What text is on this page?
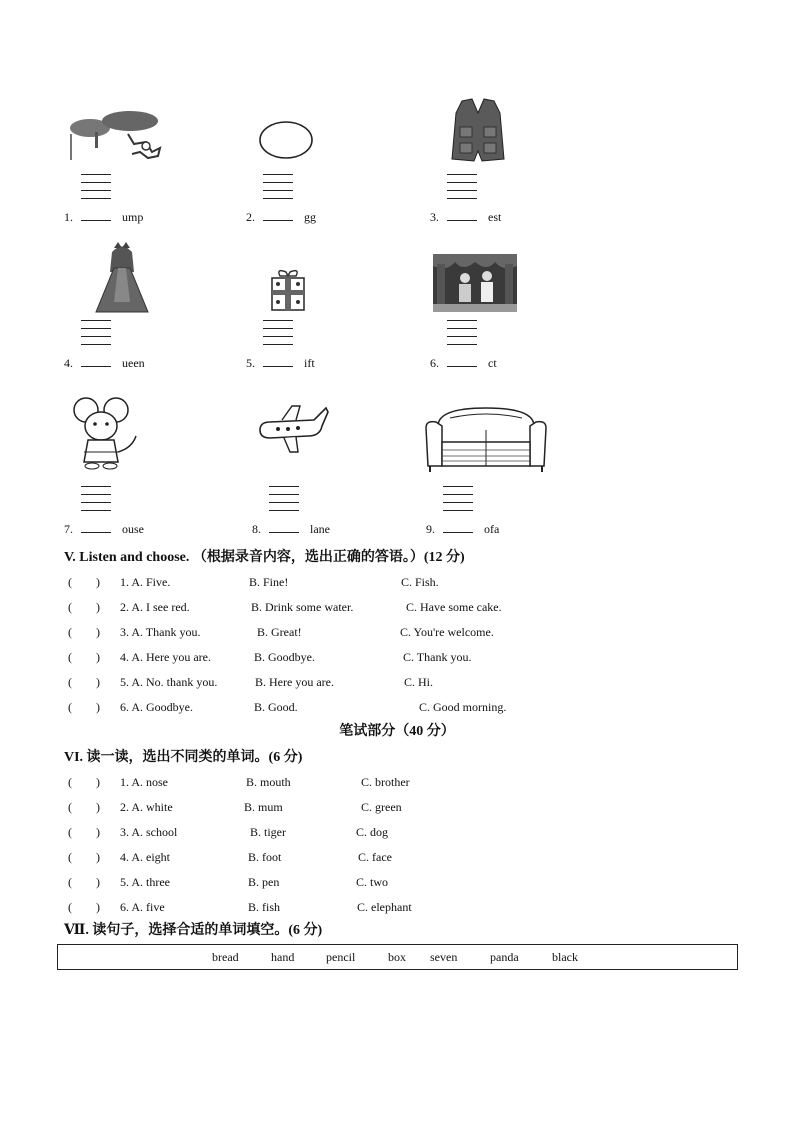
1.	ump	2.	gg	3.	est
4.	ueen	5.	ift	6.	ct
7.	ouse	8.	lane	9.	ofa
V. Listen and choose. （根据录音内容，选出正确的答语。）(12 分)
(　　) 1. A. Five.	B. Fine!	C. Fish.
(　　) 2. A. I see red.	B. Drink some water.	C. Have some cake.
(　　) 3. A. Thank you.	B. Great!	C. You're welcome.
(　　) 4. A. Here you are.	B. Goodbye.	C. Thank you.
(　　) 5. A. No. thank you.	B. Here you are.	C. Hi.
(　　) 6. A. Goodbye.	B. Good.	C. Good morning.
笔试部分（40 分）
VI. 读一读，选出不同类的单词。(6 分)
(　　) 1. A. nose	B. mouth	C. brother
(　　) 2. A. white	B. mum	C. green
(　　) 3. A. school	B. tiger	C. dog
(　　) 4. A. eight	B. foot	C. face
(　　) 5. A. three	B. pen	C. two
(　　) 6. A. five	B. fish	C. elephant
Ⅶ. 读句子，选择合适的单词填空。(6 分)
bread	hand	pencil	box seven	panda	black
